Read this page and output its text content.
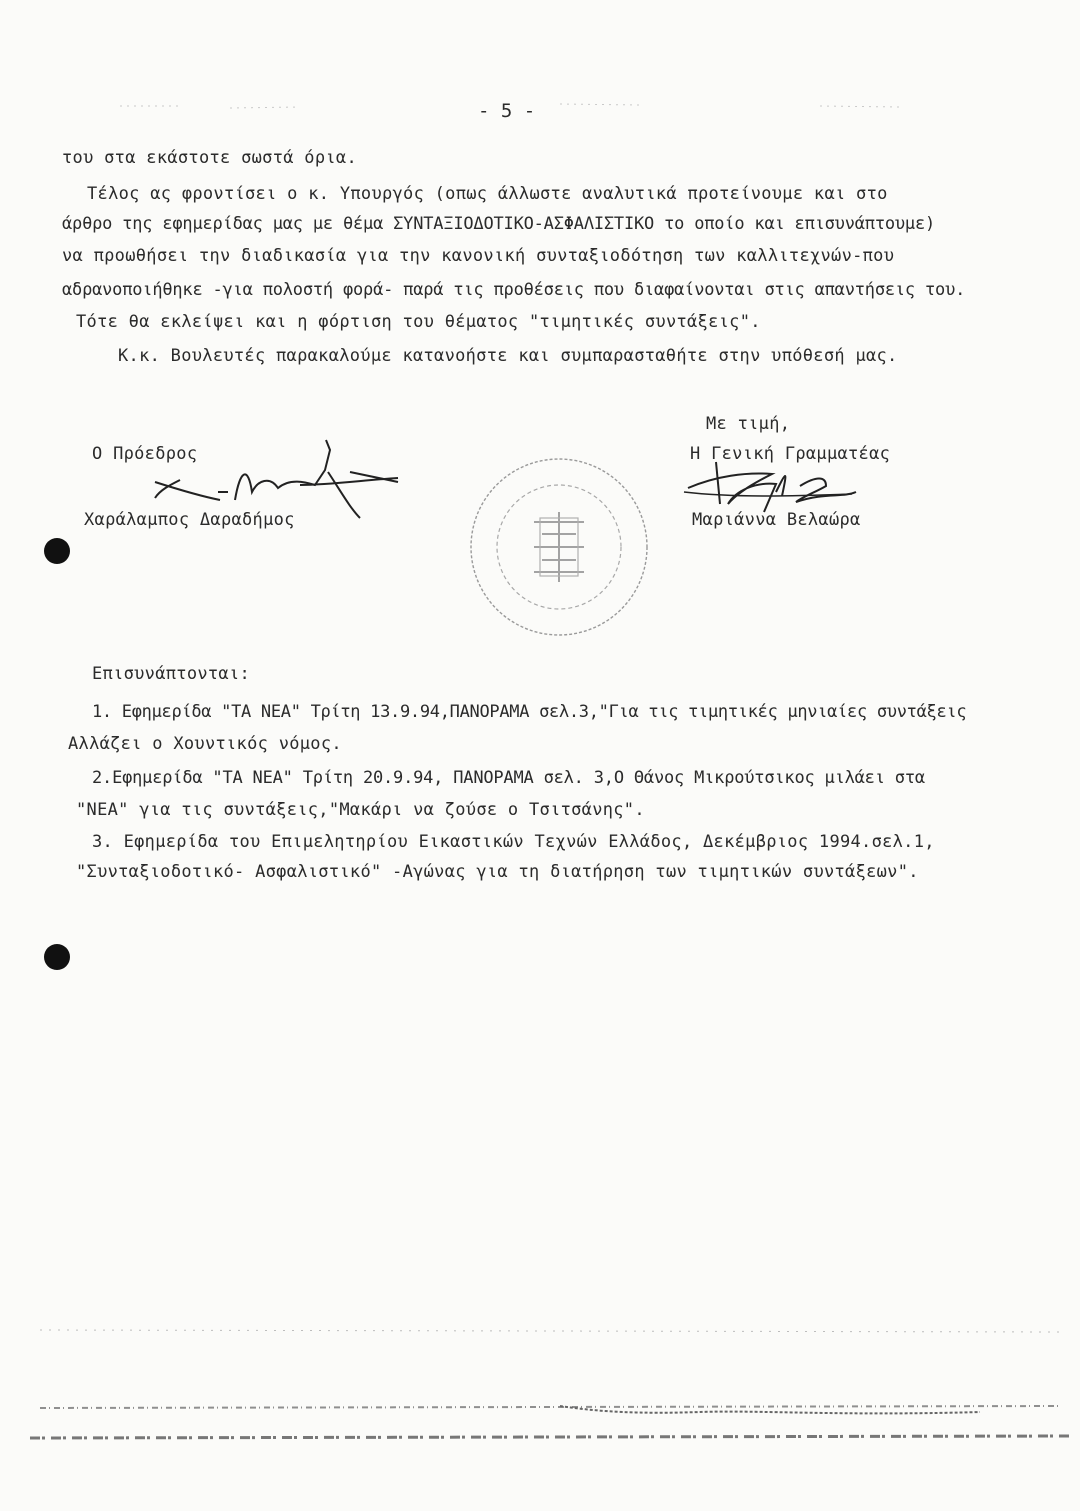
- 5 -
του στα εκάστοτε σωστά όρια.
Τέλος ας φροντίσει ο κ. Υπουργός (οπως άλλωστε αναλυτικά προτείνουμε και στο
άρθρο της εφημερίδας μας με θέμα ΣΥΝΤΑΞΙΟΔΟΤΙΚΟ-ΑΣΦΑΛΙΣΤΙΚΟ το οποίο και επισυνάπτουμε)
να προωθήσει την διαδικασία για την κανονική συνταξιοδότηση των καλλιτεχνών-που
αδρανοποιήθηκε -για πολοστή φορά- παρά τις προθέσεις που διαφαίνονται στις απαντήσεις του.
Τότε θα εκλείψει και η φόρτιση του θέματος "τιμητικές συντάξεις".
Κ.κ. Βουλευτές παρακαλούμε κατανοήστε και συμπαρασταθήτε στην υπόθεσή μας.
Με τιμή,
Ο Πρόεδρος	Η Γενική Γραμματέας
Χαράλαμπος Δαραδήμος	Μαριάννα Βελαώρα
Επισυνάπτονται:
1. Εφημερίδα "ΤΑ ΝΕΑ" Τρίτη 13.9.94,ΠΑΝΟΡΑΜΑ σελ.3,"Για τις τιμητικές μηνιαίες συντάξεις
Αλλάζει ο Χουντικός νόμος.
2.Εφημερίδα "ΤΑ ΝΕΑ" Τρίτη 20.9.94, ΠΑΝΟΡΑΜΑ σελ. 3,Ο Θάνος Μικρούτσικος μιλάει στα
"ΝΕΑ" για τις συντάξεις,"Μακάρι να ζούσε ο Τσιτσάνης".
3. Εφημερίδα του Επιμελητηρίου Εικαστικών Τεχνών Ελλάδος, Δεκέμβριος 1994.σελ.1,
"Συνταξιοδοτικό- Ασφαλιστικό" -Αγώνας για τη διατήρηση των τιμητικών συντάξεων".
